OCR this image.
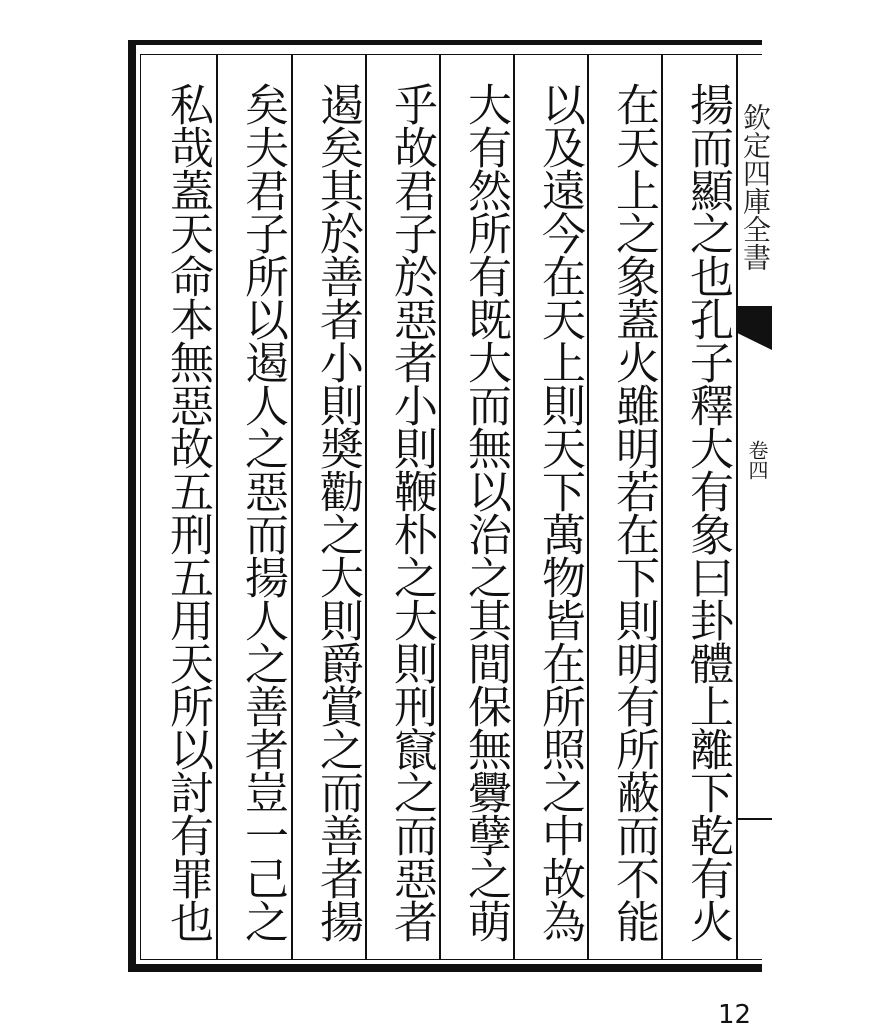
揚而顯之也孔子釋大有象曰卦體上離下乾有火
在天上之象蓋火雖明若在下則明有所蔽而不能
以及遠今在天上則天下萬物皆在所照之中故為
大有然所有既大而無以治之其間保無釁孽之萌
乎故君子於惡者小則鞭朴之大則刑竄之而惡者
遏矣其於善者小則奬勸之大則爵賞之而善者揚
矣夫君子所以遏人之惡而揚人之善者豈一己之
私哉蓋天命本無惡故五刑五用天所以討有罪也	欽定四庫全書
卷四
12
